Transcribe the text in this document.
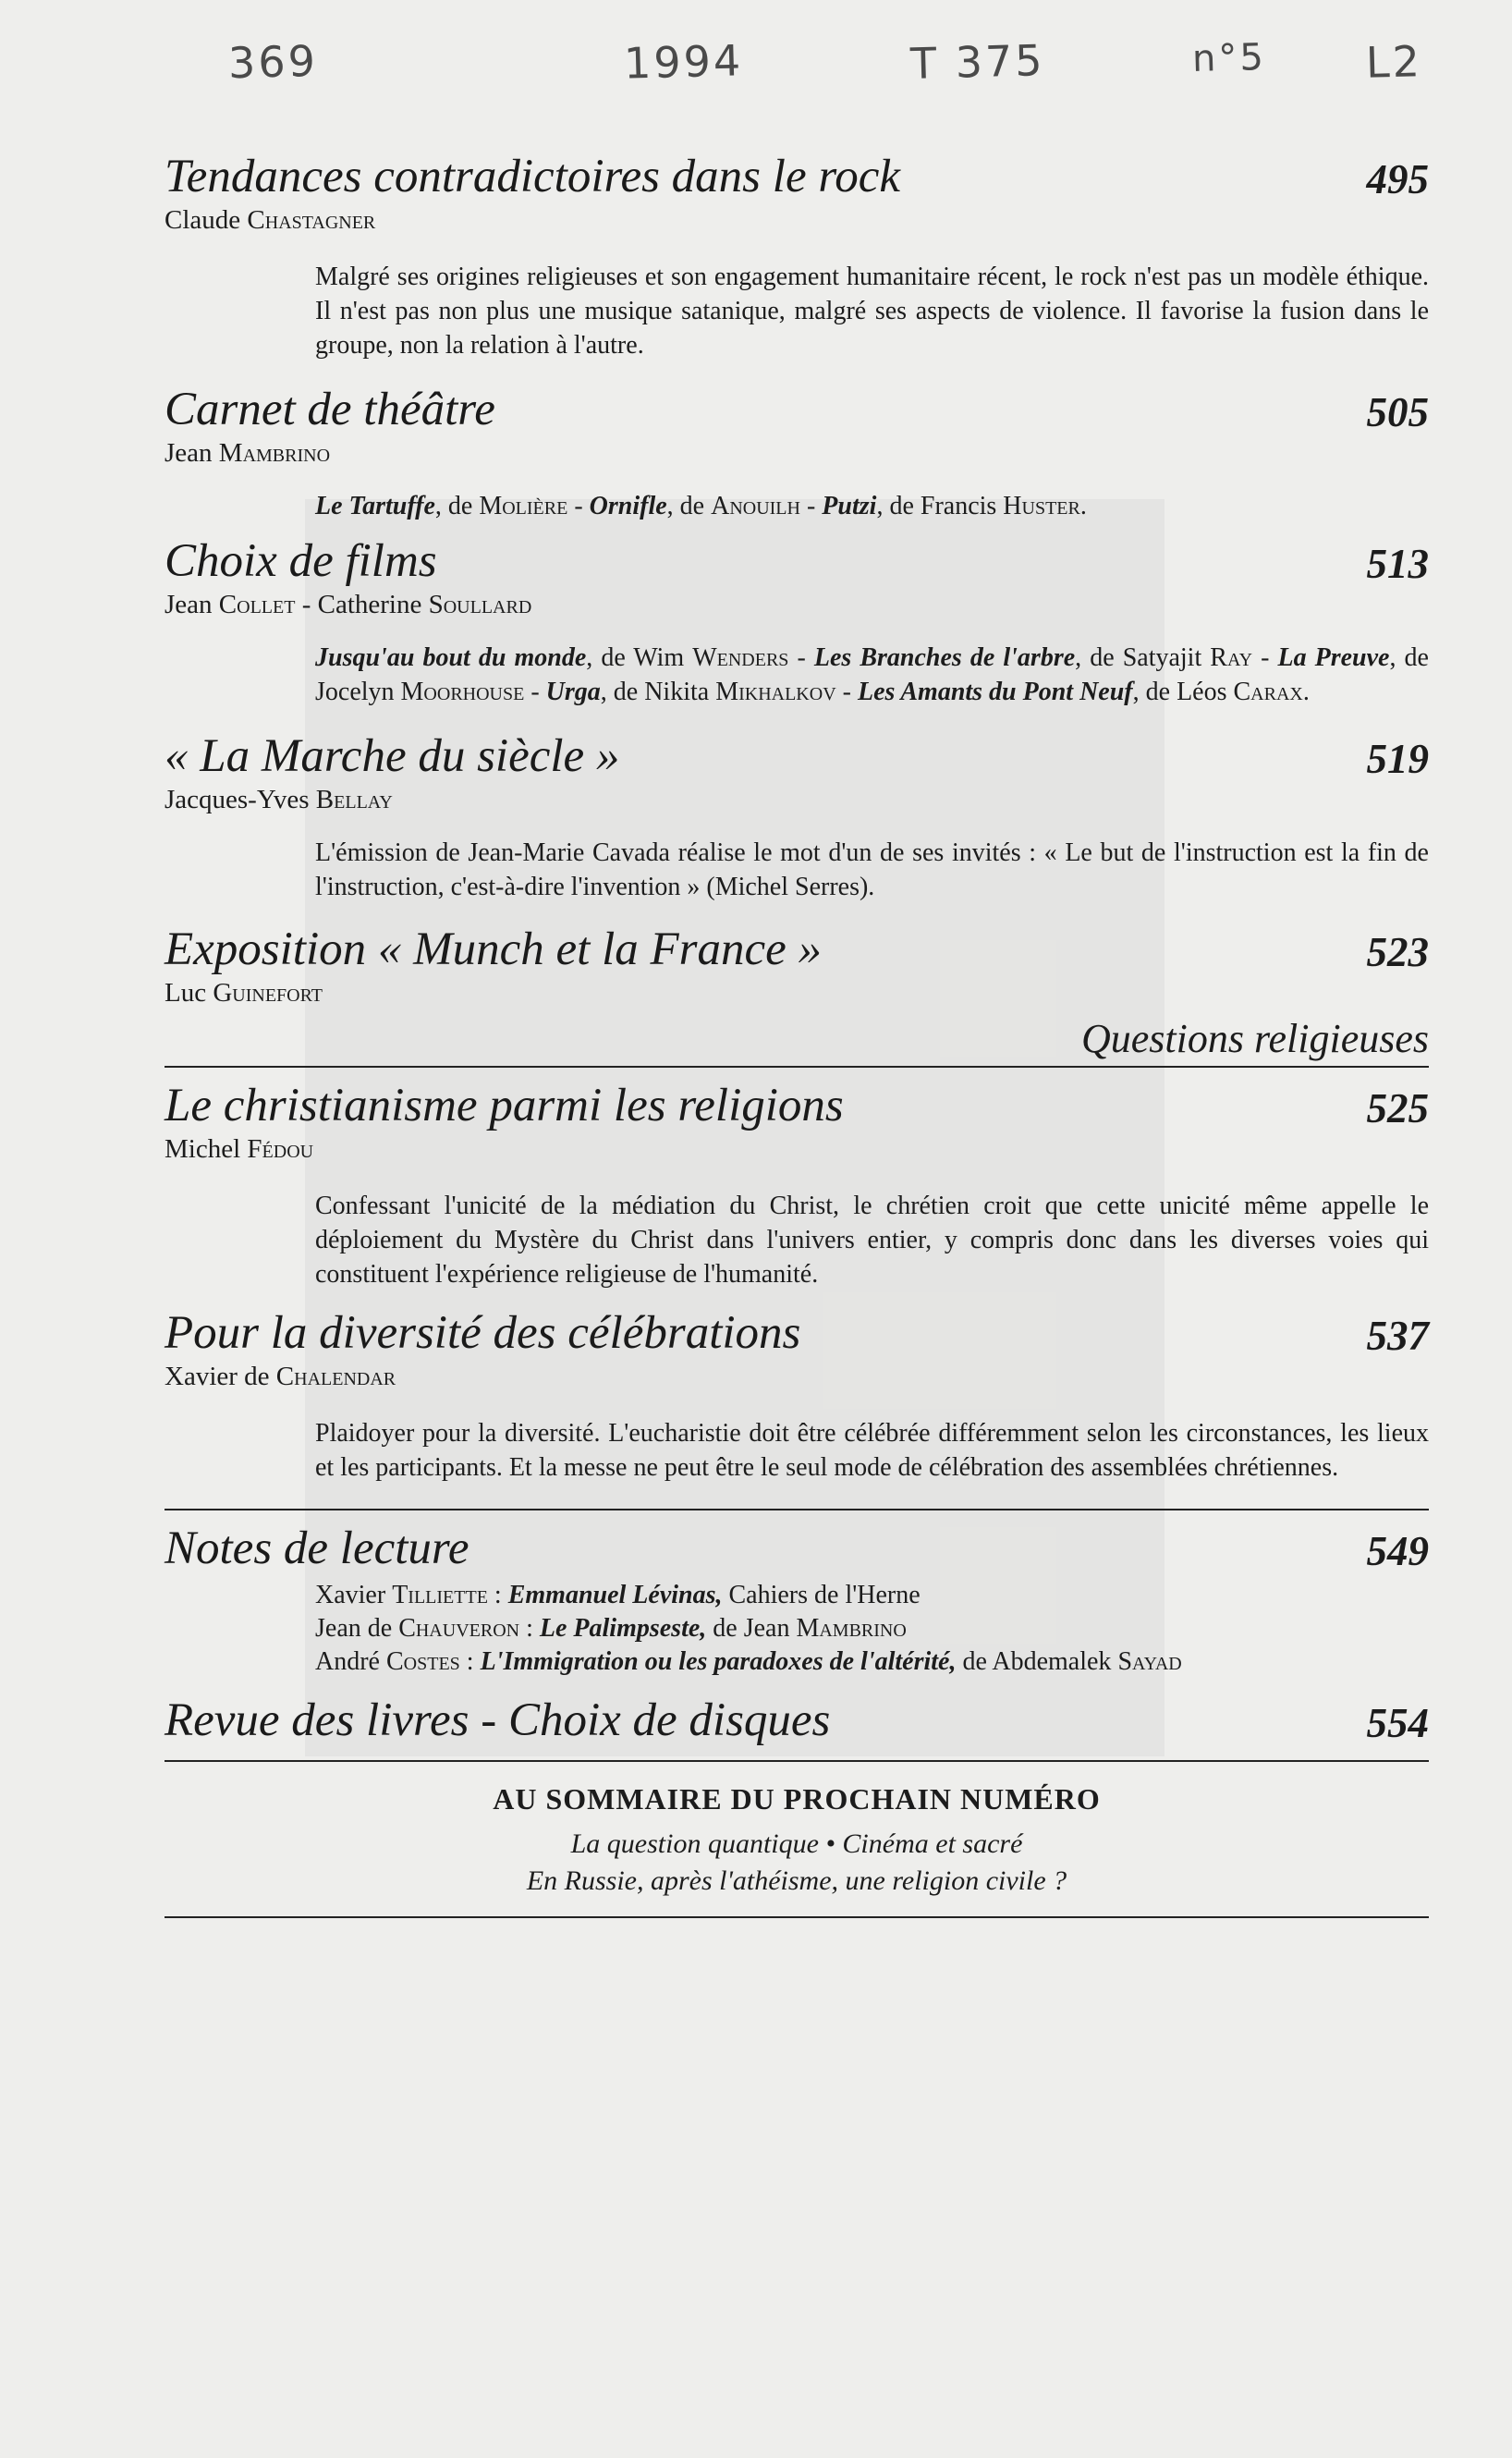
369	1994	T 375	n°5 L2
Tendances contradictoires dans le rock	495
Claude Chastagner
Malgré ses origines religieuses et son engagement humanitaire récent, le rock n'est pas un modèle éthique. Il n'est pas non plus une musique satanique, malgré ses aspects de violence. Il favorise la fusion dans le groupe, non la relation à l'autre.
Carnet de théâtre	505
Jean Mambrino
Le Tartuffe, de Molière - Ornifle, de Anouilh - Putzi, de Francis Huster.
Choix de films	513
Jean Collet - Catherine Soullard
Jusqu'au bout du monde, de Wim Wenders - Les Branches de l'arbre, de Satyajit Ray - La Preuve, de Jocelyn Moorhouse - Urga, de Nikita Mikhalkov - Les Amants du Pont Neuf, de Léos Carax.
« La Marche du siècle »	519
Jacques-Yves Bellay
L'émission de Jean-Marie Cavada réalise le mot d'un de ses invités : « Le but de l'instruction est la fin de l'instruction, c'est-à-dire l'invention » (Michel Serres).
Exposition « Munch et la France »	523
Luc Guinefort
Questions religieuses
Le christianisme parmi les religions	525
Michel Fédou
Confessant l'unicité de la médiation du Christ, le chrétien croit que cette unicité même appelle le déploiement du Mystère du Christ dans l'univers entier, y compris donc dans les diverses voies qui constituent l'expérience religieuse de l'humanité.
Pour la diversité des célébrations	537
Xavier de Chalendar
Plaidoyer pour la diversité. L'eucharistie doit être célébrée différemment selon les circonstances, les lieux et les participants. Et la messe ne peut être le seul mode de célébration des assemblées chrétiennes.
Notes de lecture	549
Xavier Tilliette : Emmanuel Lévinas, Cahiers de l'Herne
Jean de Chauveron : Le Palimpseste, de Jean Mambrino
André Costes : L'Immigration ou les paradoxes de l'altérité, de Abdemalek Sayad
Revue des livres - Choix de disques	554
AU SOMMAIRE DU PROCHAIN NUMÉRO
La question quantique • Cinéma et sacré
En Russie, après l'athéisme, une religion civile ?
